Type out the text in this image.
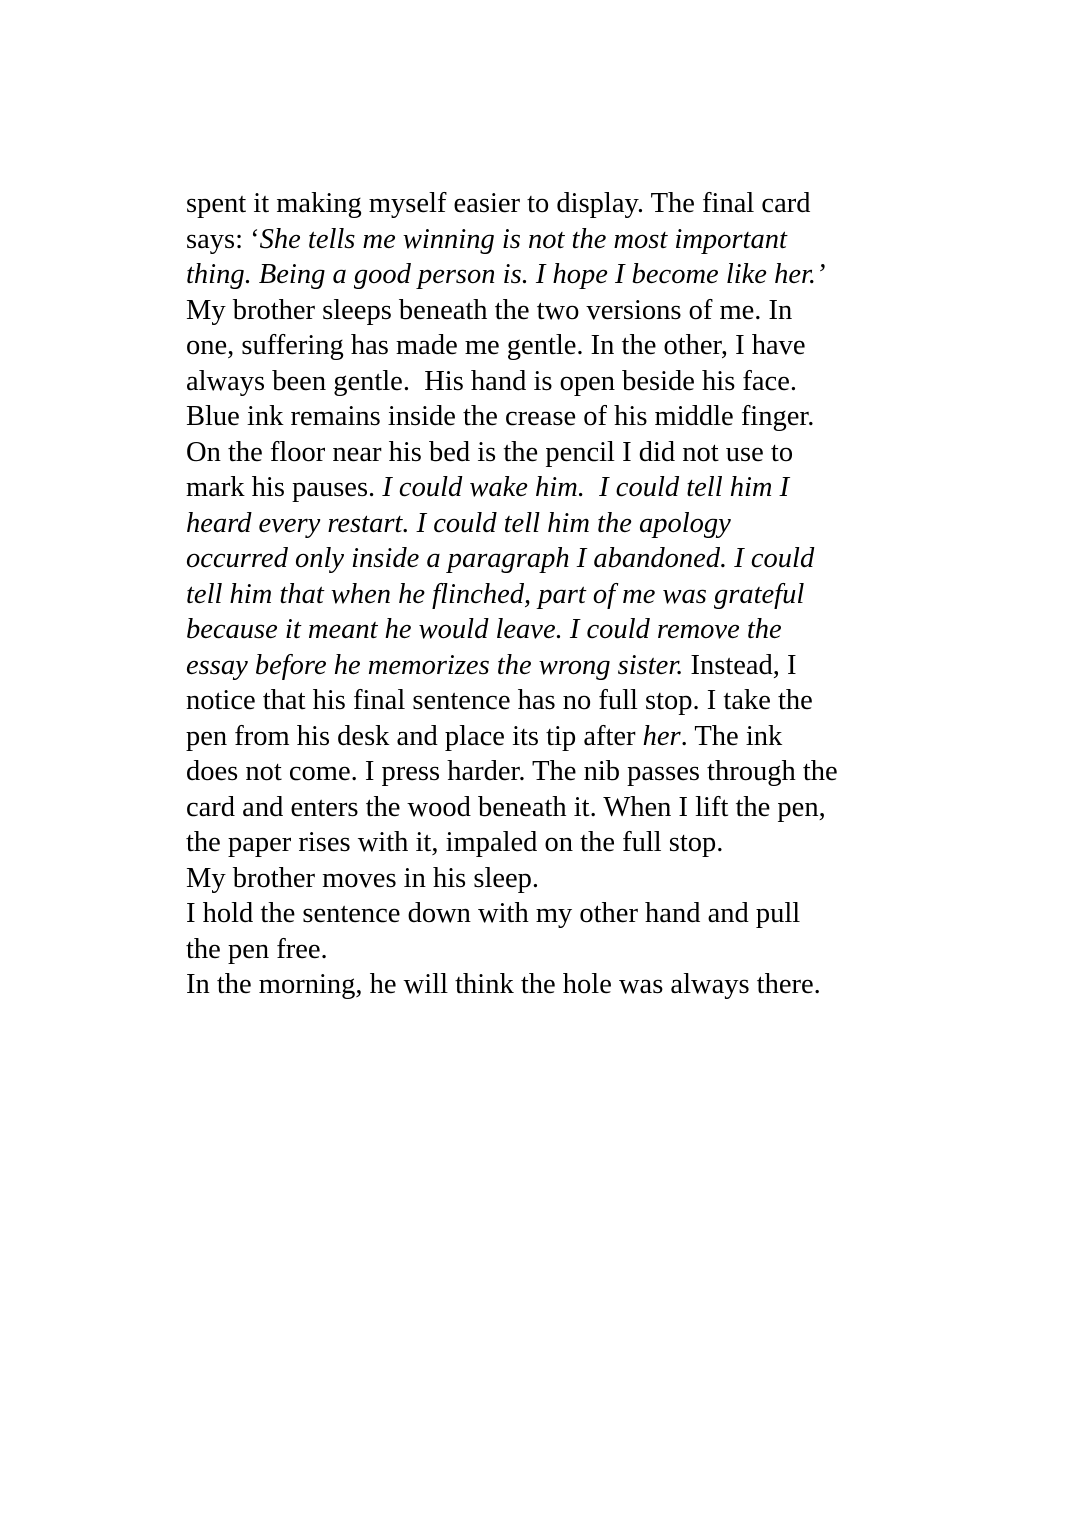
spent it making myself easier to display. The final card
says: ‘She tells me winning is not the most important
thing. Being a good person is. I hope I become like her.’
My brother sleeps beneath the two versions of me. In
one, suffering has made me gentle. In the other, I have
always been gentle.  His hand is open beside his face.
Blue ink remains inside the crease of his middle finger.
On the floor near his bed is the pencil I did not use to
mark his pauses. I could wake him.  I could tell him I
heard every restart. I could tell him the apology
occurred only inside a paragraph I abandoned. I could
tell him that when he flinched, part of me was grateful
because it meant he would leave. I could remove the
essay before he memorizes the wrong sister. Instead, I
notice that his final sentence has no full stop. I take the
pen from his desk and place its tip after her. The ink
does not come. I press harder. The nib passes through the
card and enters the wood beneath it. When I lift the pen,
the paper rises with it, impaled on the full stop.
My brother moves in his sleep.
I hold the sentence down with my other hand and pull
the pen free.
In the morning, he will think the hole was always there.
